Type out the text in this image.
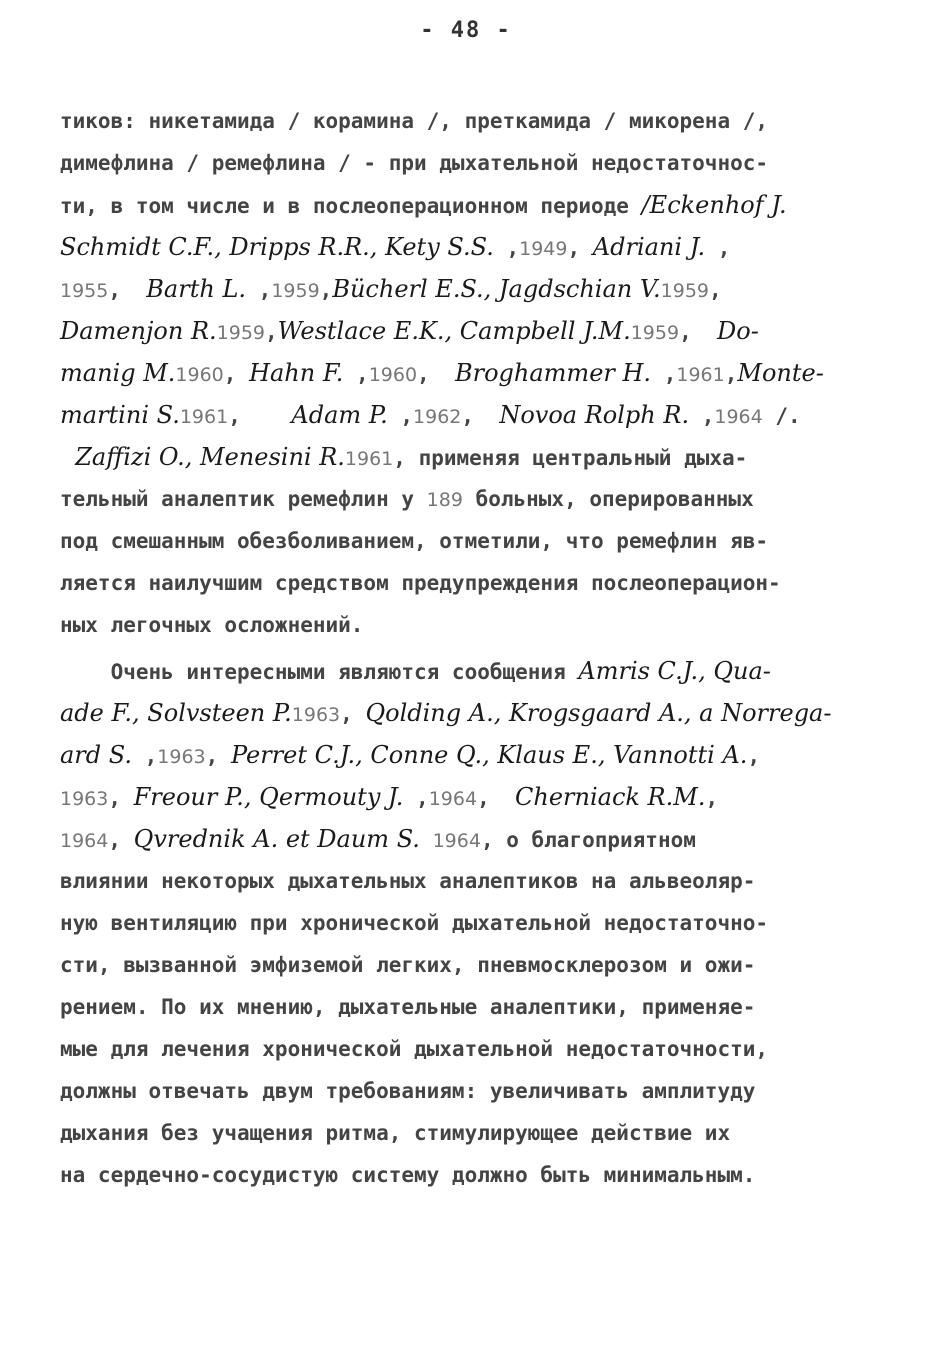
- 48 -
тиков: никетамида / корамина /, преткамида / микорена /,
димефлина / ремефлина / - при дыхательной недостаточнос-
ти, в том числе и в послеоперационном периоде /Eckenhof J.
Schmidt C.F., Dripps R.R., Kety S.S. ,1949, Adriani J. ,
1955,  Barth L. ,1959,Bücherl E.S., Jagdschian V.1959,
Damenjon R.1959,Westlace E.K., Campbell J.M.1959,  Do-
manig M.1960, Hahn F. ,1960,  Broghammer H. ,1961,Monte-
martini S.1961,    Adam P. ,1962,  Novoa Rolph R. ,1964 /.
Zaffizi O., Menesini R.1961, применяя центральный дыха-
тельный аналептик ремефлин у 189 больных, оперированных
под смешанным обезболиванием, отметили, что ремефлин яв-
ляется наилучшим средством предупреждения послеоперацион-
ных легочных осложнений.
Очень интересными являются сообщения Amris C.J., Qua-
ade F., Solvsteen P.1963, Qolding A., Krogsgaard A., a Norrega-
ard S. ,1963, Perret C.J., Conne Q., Klaus E., Vannotti A.,
1963, Freour P., Qermouty J. ,1964,  Cherniack R.M.,
1964, Qvrednik A. et Daum S. 1964, о благоприятном
влиянии некоторых дыхательных аналептиков на альвеоляр-
ную вентиляцию при хронической дыхательной недостаточно-
сти, вызванной эмфиземой легких, пневмосклерозом и ожи-
рением. По их мнению, дыхательные аналептики, применяе-
мые для лечения хронической дыхательной недостаточности,
должны отвечать двум требованиям: увеличивать амплитуду
дыхания без учащения ритма, стимулирующее действие их
на сердечно-сосудистую систему должно быть минимальным.
